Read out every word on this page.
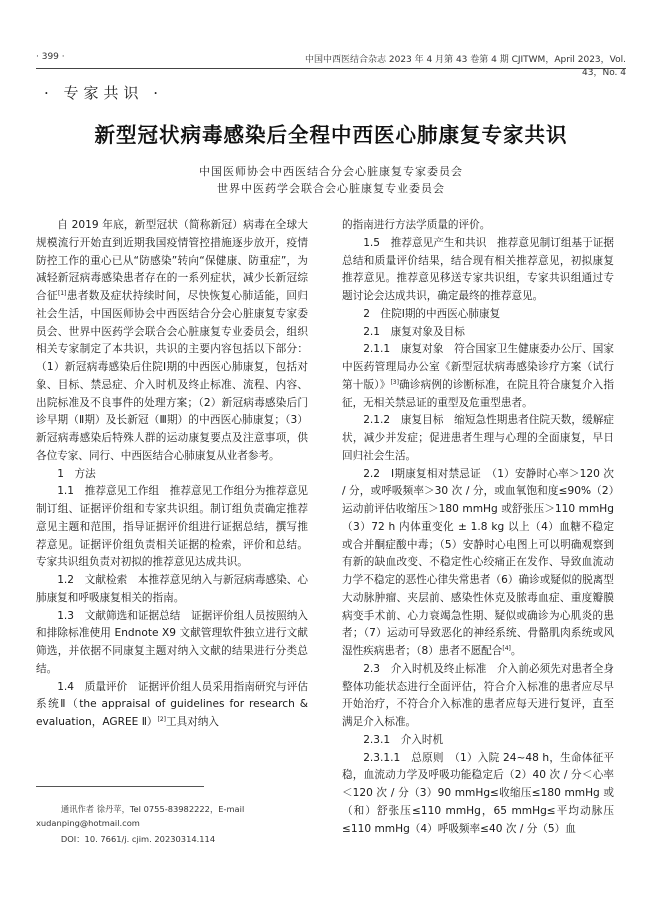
· 399 ·	中国中西医结合杂志 2023 年 4 月第 43 卷第 4 期 CJITWM，April 2023，Vol. 43，No. 4
· 专家共识 ·
新型冠状病毒感染后全程中西医心肺康复专家共识
中国医师协会中西医结合分会心脏康复专家委员会
世界中医药学会联合会心脏康复专业委员会

自 2019 年底，新型冠状（简称新冠）病毒在全球大规模流行开始直到近期我国疫情管控措施逐步放开，疫情防控工作的重心已从“防感染”转向“保健康、防重症”，为减轻新冠病毒感染患者存在的一系列症状，减少长新冠综合征[1]患者数及症状持续时间，尽快恢复心肺适能，回归社会生活，中国医师协会中西医结合分会心脏康复专家委员会、世界中医药学会联合会心脏康复专业委员会，组织相关专家制定了本共识，共识的主要内容包括以下部分：（1）新冠病毒感染后住院Ⅰ期的中西医心肺康复，包括对象、目标、禁忌症、介入时机及终止标准、流程、内容、出院标准及不良事件的处理方案；（2）新冠病毒感染后门诊早期（Ⅱ期）及长新冠（Ⅲ期）的中西医心肺康复；（3）新冠病毒感染后特殊人群的运动康复要点及注意事项，供各位专家、同行、中西医结合心肺康复从业者参考。

1　方法

1.1　推荐意见工作组　推荐意见工作组分为推荐意见制订组、证据评价组和专家共识组。制订组负责确定推荐意见主题和范围，指导证据评价组进行证据总结，撰写推荐意见。证据评价组负责相关证据的检索，评价和总结。专家共识组负责对初拟的推荐意见达成共识。

1.2　文献检索　本推荐意见纳入与新冠病毒感染、心肺康复和呼吸康复相关的指南。

1.3　文献筛选和证据总结　证据评价组人员按照纳入和排除标准使用 Endnote X9 文献管理软件独立进行文献筛选，并依据不同康复主题对纳入文献的结果进行分类总结。

1.4　质量评价　证据评价组人员采用指南研究与评估系统Ⅱ（the appraisal of guidelines for research & evaluation，AGREE Ⅱ）[2]工具对纳入

的指南进行方法学质量的评价。

1.5　推荐意见产生和共识　推荐意见制订组基于证据总结和质量评价结果，结合现有相关推荐意见，初拟康复推荐意见。推荐意见移送专家共识组，专家共识组通过专题讨论会达成共识，确定最终的推荐意见。

2　住院Ⅰ期的中西医心肺康复

2.1　康复对象及目标

2.1.1　康复对象　符合国家卫生健康委办公厅、国家中医药管理局办公室《新型冠状病毒感染诊疗方案（试行第十版）》[3]确诊病例的诊断标准，在院且符合康复介入指征，无相关禁忌证的重型及危重型患者。

2.1.2　康复目标　缩短急性期患者住院天数，缓解症状，减少并发症；促进患者生理与心理的全面康复，早日回归社会生活。

2.2　Ⅰ期康复相对禁忌证　（1）安静时心率＞120 次 / 分，或呼吸频率＞30 次 / 分，或血氧饱和度≤90%（2）运动前评估收缩压＞180 mmHg 或舒张压＞110 mmHg（3）72 h 内体重变化 ± 1.8 kg 以上（4）血糖不稳定或合并酮症酸中毒；（5）安静时心电图上可以明确观察到有新的缺血改变、不稳定性心绞痛正在发作、导致血流动力学不稳定的恶性心律失常患者（6）确诊或疑似的脱离型大动脉肿瘤、夹层前、感染性休克及脓毒血症、重度瓣膜病变手术前、心力衰竭急性期、疑似或确诊为心肌炎的患者；（7）运动可导致恶化的神经系统、骨骼肌肉系统或风湿性疾病患者；（8）患者不愿配合[4]。

2.3　介入时机及终止标准　介入前必须先对患者全身整体功能状态进行全面评估，符合介入标准的患者应尽早开始治疗，不符合介入标准的患者应每天进行复评，直至满足介入标准。

2.3.1　介入时机

2.3.1.1　总原则　（1）入院 24~48 h，生命体征平稳，血流动力学及呼吸功能稳定后（2）40 次 / 分＜心率＜120 次 / 分（3）90 mmHg≤收缩压≤180 mmHg 或（和）舒张压≤110 mmHg，65 mmHg≤平均动脉压≤110 mmHg（4）呼吸频率≤40 次 / 分（5）血

通讯作者 徐丹苹，Tel 0755-83982222，E-mail xudanping@hotmail.com
DOI：10. 7661/j. cjim. 20230314.114
